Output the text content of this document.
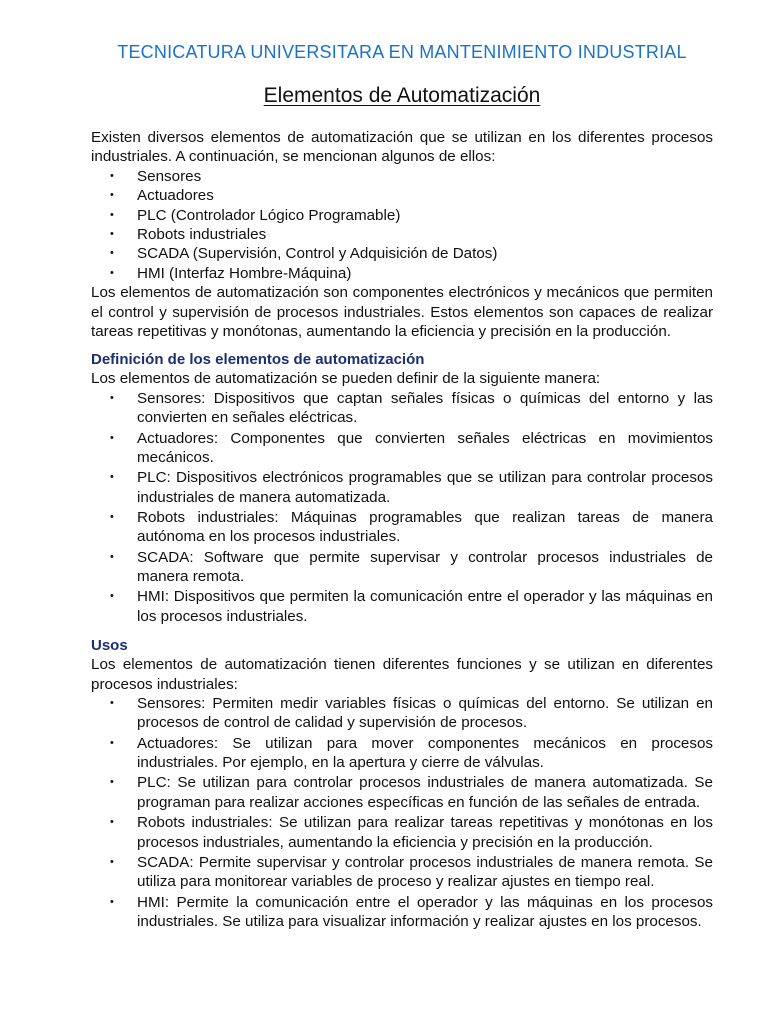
TECNICATURA UNIVERSITARA EN MANTENIMIENTO INDUSTRIAL
Elementos de Automatización

Existen diversos elementos de automatización que se utilizan en los diferentes procesos industriales. A continuación, se mencionan algunos de ellos:

• Sensores
• Actuadores
• PLC (Controlador Lógico Programable)
• Robots industriales
• SCADA (Supervisión, Control y Adquisición de Datos)
• HMI (Interfaz Hombre-Máquina)

Los elementos de automatización son componentes electrónicos y mecánicos que permiten el control y supervisión de procesos industriales. Estos elementos son capaces de realizar tareas repetitivas y monótonas, aumentando la eficiencia y precisión en la producción.

Definición de los elementos de automatización

Los elementos de automatización se pueden definir de la siguiente manera:

• Sensores: Dispositivos que captan señales físicas o químicas del entorno y las convierten en señales eléctricas.
• Actuadores: Componentes que convierten señales eléctricas en movimientos mecánicos.
• PLC: Dispositivos electrónicos programables que se utilizan para controlar procesos industriales de manera automatizada.
• Robots industriales: Máquinas programables que realizan tareas de manera autónoma en los procesos industriales.
• SCADA: Software que permite supervisar y controlar procesos industriales de manera remota.
• HMI: Dispositivos que permiten la comunicación entre el operador y las máquinas en los procesos industriales.
Usos

Los elementos de automatización tienen diferentes funciones y se utilizan en diferentes procesos industriales:

• Sensores: Permiten medir variables físicas o químicas del entorno. Se utilizan en procesos de control de calidad y supervisión de procesos.
• Actuadores: Se utilizan para mover componentes mecánicos en procesos industriales. Por ejemplo, en la apertura y cierre de válvulas.
• PLC: Se utilizan para controlar procesos industriales de manera automatizada. Se programan para realizar acciones específicas en función de las señales de entrada.
• Robots industriales: Se utilizan para realizar tareas repetitivas y monótonas en los procesos industriales, aumentando la eficiencia y precisión en la producción.
• SCADA: Permite supervisar y controlar procesos industriales de manera remota. Se utiliza para monitorear variables de proceso y realizar ajustes en tiempo real.
• HMI: Permite la comunicación entre el operador y las máquinas en los procesos industriales. Se utiliza para visualizar información y realizar ajustes en los procesos.
